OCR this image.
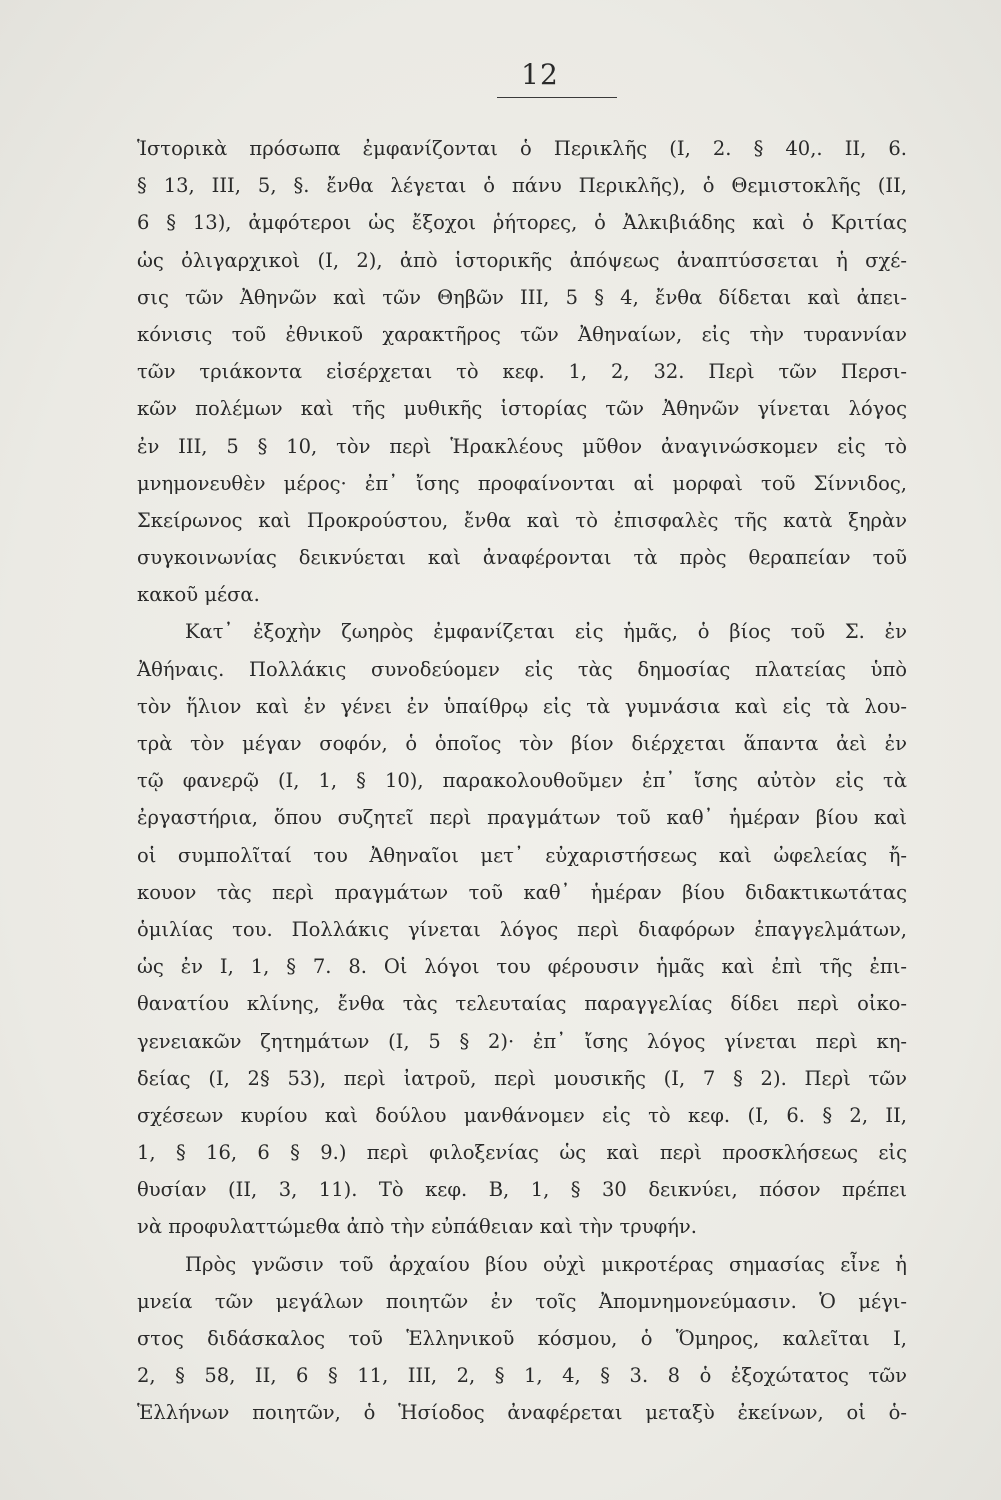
12
Ἱστορικὰ πρόσωπα ἐμφανίζονται ὁ Περικλῆς (Ι, 2. § 40,. ΙΙ, 6.
§ 13, ΙΙΙ, 5, §. ἔνθα λέγεται ὁ πάνυ Περικλῆς), ὁ Θεμιστοκλῆς (ΙΙ,
6 § 13), ἀμφότεροι ὡς ἔξοχοι ῥήτορες, ὁ Ἀλκιβιάδης καὶ ὁ Κριτίας
ὡς ὀλιγαρχικοὶ (Ι, 2), ἀπὸ ἱστορικῆς ἀπόψεως ἀναπτύσσεται ἡ σχέ-
σις τῶν Ἀθηνῶν καὶ τῶν Θηβῶν ΙΙΙ, 5 § 4, ἔνθα δίδεται καὶ ἀπει-
κόνισις τοῦ ἐθνικοῦ χαρακτῆρος τῶν Ἀθηναίων, εἰς τὴν τυραννίαν
τῶν τριάκοντα εἰσέρχεται τὸ κεφ. 1, 2, 32. Περὶ τῶν Περσι-
κῶν πολέμων καὶ τῆς μυθικῆς ἱστορίας τῶν Ἀθηνῶν γίνεται λόγος
ἐν ΙΙΙ, 5 § 10, τὸν περὶ Ἡρακλέους μῦθον ἀναγινώσκομεν εἰς τὸ
μνημονευθὲν μέρος· ἐπ᾽ ἴσης προφαίνονται αἱ μορφαὶ τοῦ Σίννιδος,
Σκείρωνος καὶ Προκρούστου, ἔνθα καὶ τὸ ἐπισφαλὲς τῆς κατὰ ξηρὰν
συγκοινωνίας δεικνύεται καὶ ἀναφέρονται τὰ πρὸς θεραπείαν τοῦ
κακοῦ μέσα.
Κατ᾽ ἐξοχὴν ζωηρὸς ἐμφανίζεται εἰς ἡμᾶς, ὁ βίος τοῦ Σ. ἐν
Ἀθήναις. Πολλάκις συνοδεύομεν εἰς τὰς δημοσίας πλατείας ὑπὸ
τὸν ἥλιον καὶ ἐν γένει ἐν ὑπαίθρῳ εἰς τὰ γυμνάσια καὶ εἰς τὰ λου-
τρὰ τὸν μέγαν σοφόν, ὁ ὁποῖος τὸν βίον διέρχεται ἅπαντα ἀεὶ ἐν
τῷ φανερῷ (Ι, 1, § 10), παρακολουθοῦμεν ἐπ᾽ ἴσης αὐτὸν εἰς τὰ
ἐργαστήρια, ὅπου συζητεῖ περὶ πραγμάτων τοῦ καθ᾽ ἡμέραν βίου καὶ
οἱ συμπολῖταί του Ἀθηναῖοι μετ᾽ εὐχαριστήσεως καὶ ὠφελείας ἤ-
κουον τὰς περὶ πραγμάτων τοῦ καθ᾽ ἡμέραν βίου διδακτικωτάτας
ὁμιλίας του. Πολλάκις γίνεται λόγος περὶ διαφόρων ἐπαγγελμάτων,
ὡς ἐν Ι, 1, § 7. 8. Οἱ λόγοι του φέρουσιν ἡμᾶς καὶ ἐπὶ τῆς ἐπι-
θανατίου κλίνης, ἔνθα τὰς τελευταίας παραγγελίας δίδει περὶ οἰκο-
γενειακῶν ζητημάτων (Ι, 5 § 2)· ἐπ᾽ ἴσης λόγος γίνεται περὶ κη-
δείας (Ι, 2§ 53), περὶ ἰατροῦ, περὶ μουσικῆς (Ι, 7 § 2). Περὶ τῶν
σχέσεων κυρίου καὶ δούλου μανθάνομεν εἰς τὸ κεφ. (Ι, 6. § 2, ΙΙ,
1, § 16, 6 § 9.) περὶ φιλοξενίας ὡς καὶ περὶ προσκλήσεως εἰς
θυσίαν (ΙΙ, 3, 11). Τὸ κεφ. Β, 1, § 30 δεικνύει, πόσον πρέπει
νὰ προφυλαττώμεθα ἀπὸ τὴν εὐπάθειαν καὶ τὴν τρυφήν.
Πρὸς γνῶσιν τοῦ ἀρχαίου βίου οὐχὶ μικροτέρας σημασίας εἶνε ἡ
μνεία τῶν μεγάλων ποιητῶν ἐν τοῖς Ἀπομνημονεύμασιν. Ὁ μέγι-
στος διδάσκαλος τοῦ Ἑλληνικοῦ κόσμου, ὁ Ὅμηρος, καλεῖται Ι,
2, § 58, ΙΙ, 6 § 11, ΙΙΙ, 2, § 1, 4, § 3. 8 ὁ ἐξοχώτατος τῶν
Ἑλλήνων ποιητῶν, ὁ Ἡσίοδος ἀναφέρεται μεταξὺ ἐκείνων, οἱ ὁ-
